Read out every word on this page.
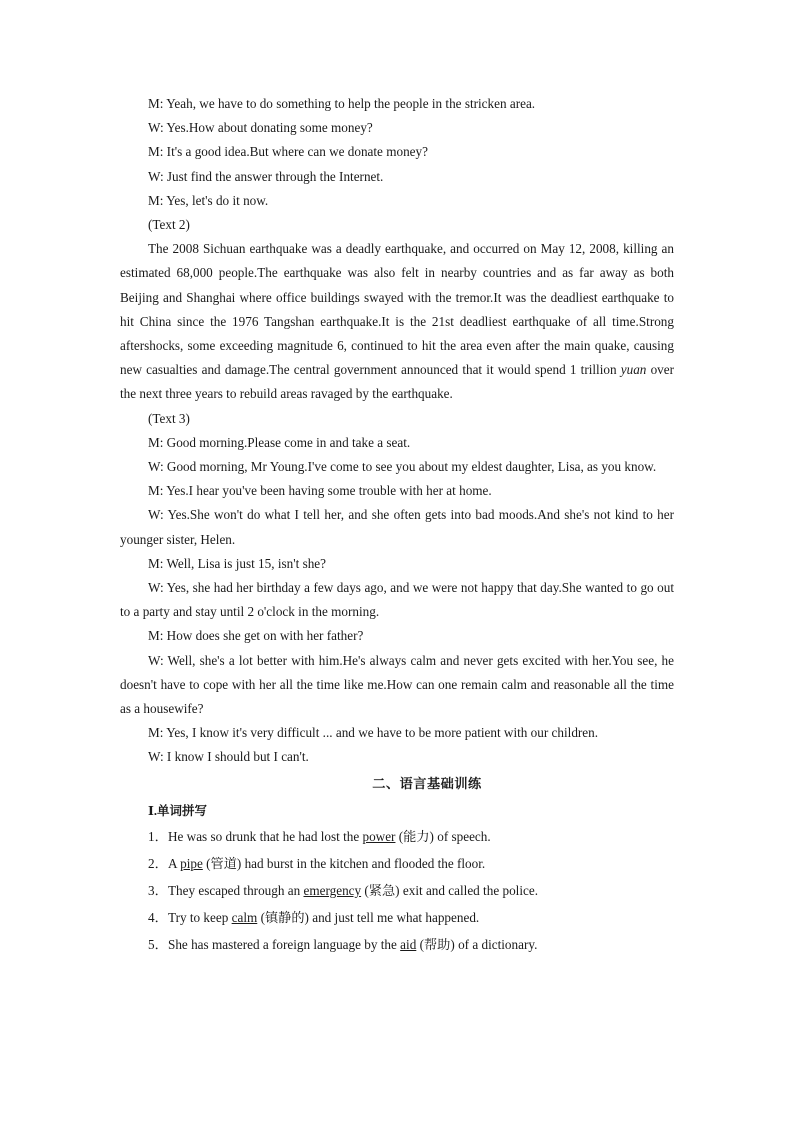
M: Yeah, we have to do something to help the people in the stricken area.

W: Yes.How about donating some money?

M: It's a good idea.But where can we donate money?

W: Just find the answer through the Internet.

M: Yes, let's do it now.

(Text 2)

The 2008 Sichuan earthquake was a deadly earthquake, and occurred on May 12, 2008, killing an estimated 68,000 people.The earthquake was also felt in nearby countries and as far away as both Beijing and Shanghai where office buildings swayed with the tremor.It was the deadliest earthquake to hit China since the 1976 Tangshan earthquake.It is the 21st deadliest earthquake of all time.Strong aftershocks, some exceeding magnitude 6, continued to hit the area even after the main quake, causing new casualties and damage.The central government announced that it would spend 1 trillion yuan over the next three years to rebuild areas ravaged by the earthquake.

(Text 3)

M: Good morning.Please come in and take a seat.

W: Good morning, Mr Young.I've come to see you about my eldest daughter, Lisa, as you know.

M: Yes.I hear you've been having some trouble with her at home.

W: Yes.She won't do what I tell her, and she often gets into bad moods.And she's not kind to her younger sister, Helen.

M: Well, Lisa is just 15, isn't she?

W: Yes, she had her birthday a few days ago, and we were not happy that day.She wanted to go out to a party and stay until 2 o'clock in the morning.

M: How does she get on with her father?

W: Well, she's a lot better with him.He's always calm and never gets excited with her.You see, he doesn't have to cope with her all the time like me.How can one remain calm and reasonable all the time as a housewife?

M: Yes, I know it's very difficult ... and we have to be more patient with our children.

W: I know I should but I can't.

二、语言基础训练

Ⅰ.单词拼写

1．He was so drunk that he had lost the power (能力) of speech.

2．A pipe (管道) had burst in the kitchen and flooded the floor.

3．They escaped through an emergency (紧急) exit and called the police.

4．Try to keep calm (镇静的) and just tell me what happened.

5．She has mastered a foreign language by the aid (帮助) of a dictionary.
